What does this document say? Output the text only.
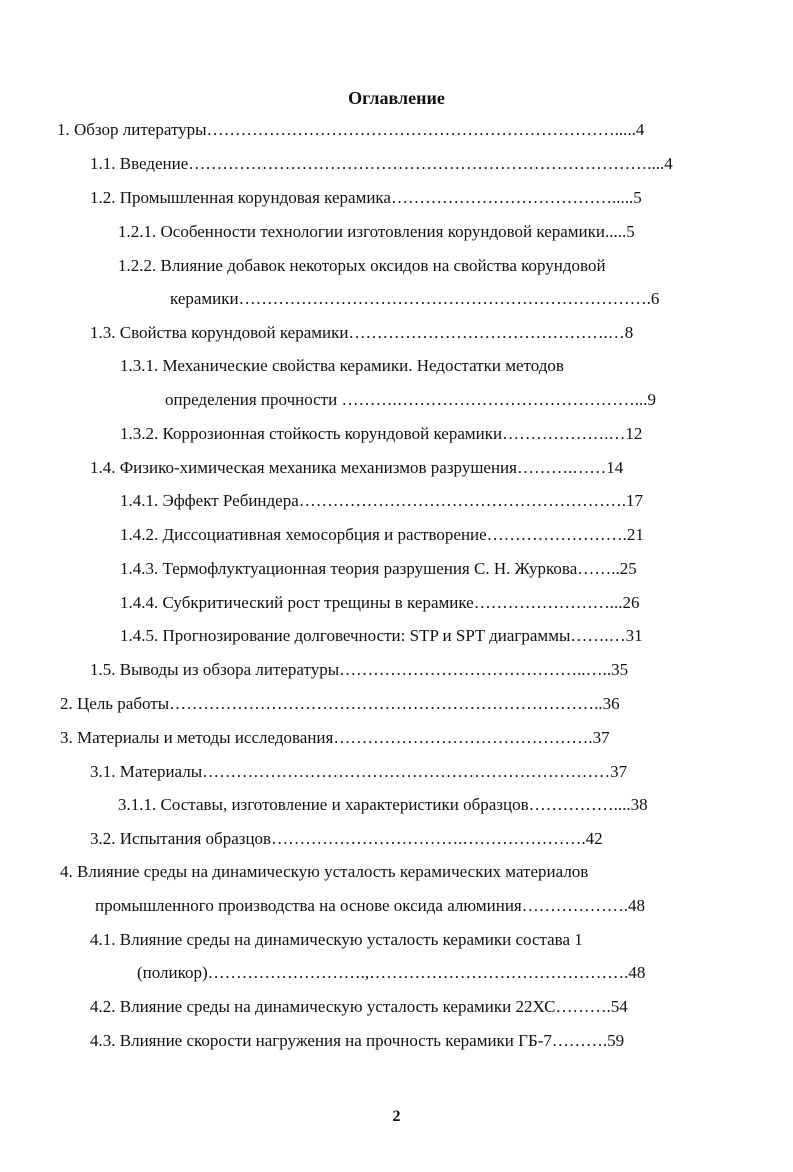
Оглавление
1. Обзор литературы……………………………………………………………….....4
1.1. Введение………………………………………………………………………....4
1.2. Промышленная корундовая керамика………………………………….....5
1.2.1. Особенности технологии изготовления корундовой керамики.....5
1.2.2. Влияние добавок некоторых оксидов на свойства корундовой
керамики……………………………………………………………….6
1.3. Свойства корундовой керамики……………………………………….…8
1.3.1. Механические свойства керамики. Недостатки методов
определения прочности ……….……………………………………...9
1.3.2. Коррозионная стойкость корундовой керамики……………….…12
1.4. Физико-химическая механика механизмов разрушения……….……14
1.4.1. Эффект Ребиндера………………………………………………….17
1.4.2. Диссоциативная хемосорбция и растворение…………………….21
1.4.3. Термофлуктуационная теория разрушения С. Н. Журкова……..25
1.4.4. Субкритический рост трещины в керамике……………………...26
1.4.5. Прогнозирование долговечности: STP и SPT диаграммы…….…31
1.5. Выводы из обзора литературы……………………………………..…..35
2. Цель работы…………………………………………………………………..36
3. Материалы и методы исследования……………………………………….37
3.1. Материалы………………………………………………………………37
3.1.1. Составы, изготовление и характеристики образцов……………....38
3.2. Испытания образцов…………………………….………………….42
4. Влияние среды на динамическую усталость керамических материалов
промышленного производства на основе оксида алюминия……………….48
4.1. Влияние среды на динамическую усталость керамики состава 1
(поликор)……………………….,……………………………………….48
4.2. Влияние среды на динамическую усталость керамики 22ХС……….54
4.3. Влияние скорости нагружения на прочность керамики ГБ-7……….59
2
